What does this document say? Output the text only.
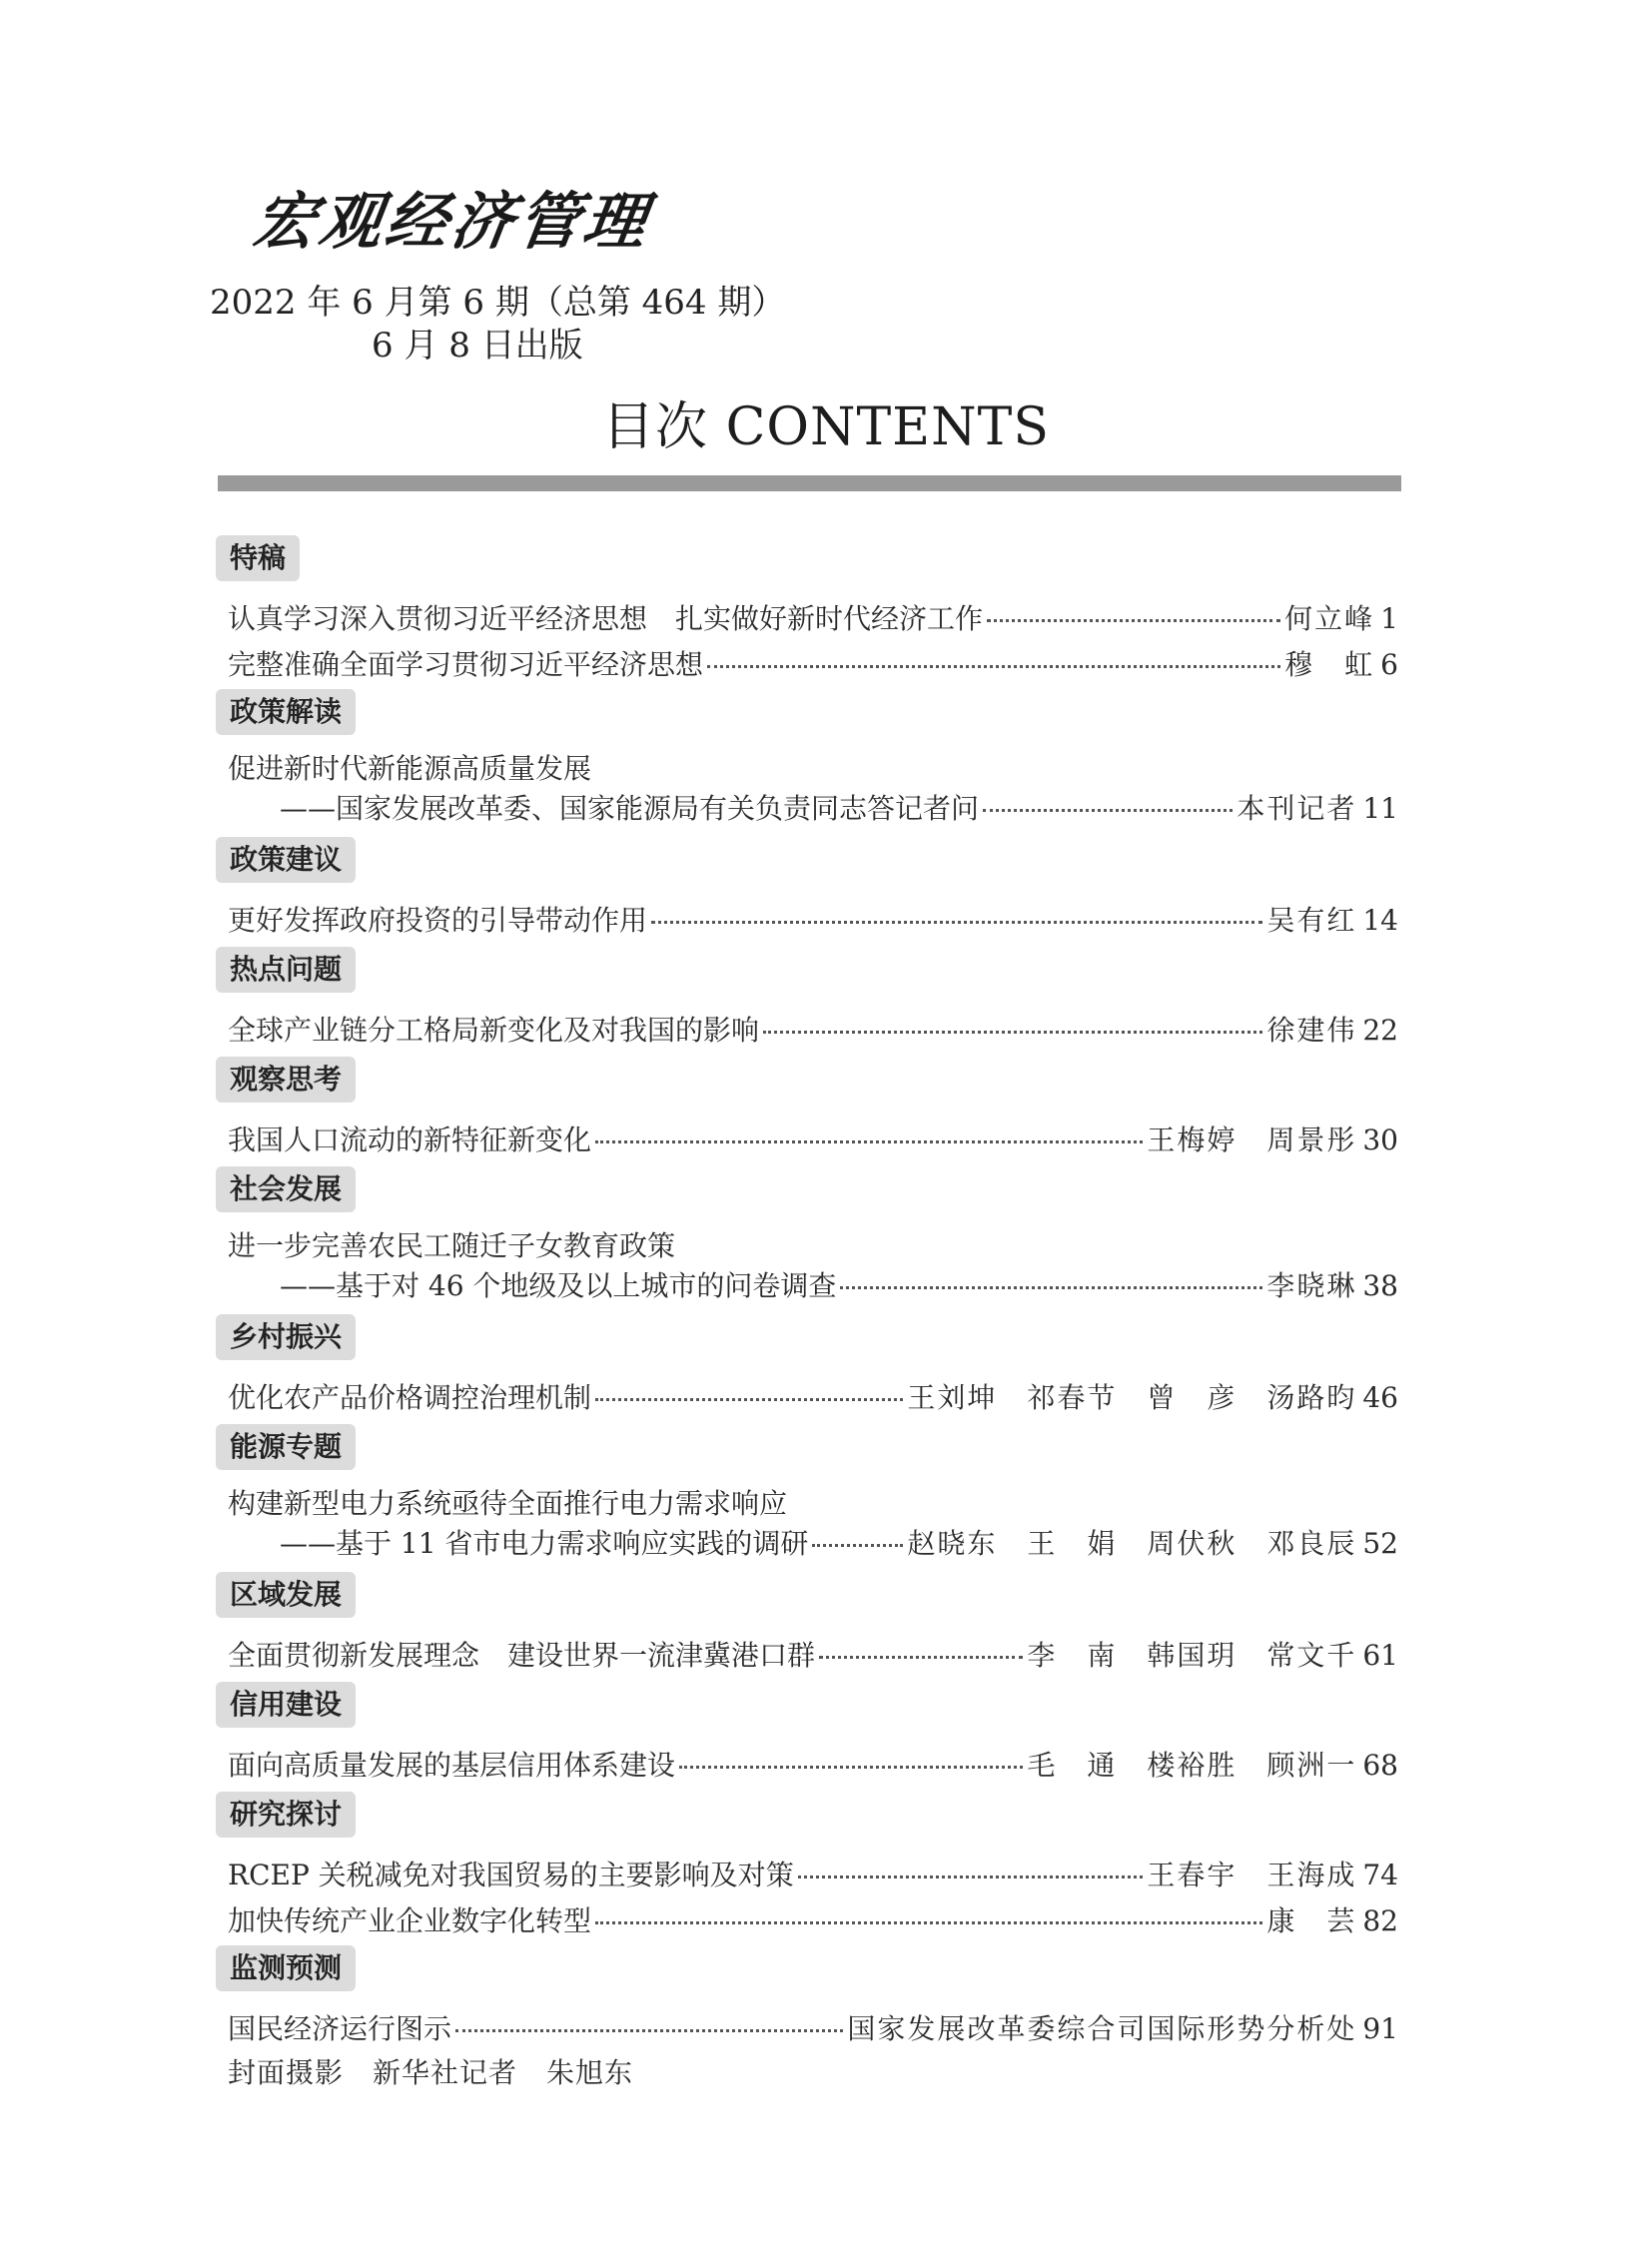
宏观经济管理
2022 年 6 月第 6 期（总第 464 期）
6 月 8 日出版
目次 CONTENTS
特稿
认真学习深入贯彻习近平经济思想　扎实做好新时代经济工作	何立峰 1
完整准确全面学习贯彻习近平经济思想	穆　虹 6
政策解读
促进新时代新能源高质量发展
——国家发展改革委、国家能源局有关负责同志答记者问	本刊记者 11
政策建议
更好发挥政府投资的引导带动作用	吴有红 14
热点问题
全球产业链分工格局新变化及对我国的影响	徐建伟 22
观察思考
我国人口流动的新特征新变化	王梅婷　周景彤 30
社会发展
进一步完善农民工随迁子女教育政策
——基于对 46 个地级及以上城市的问卷调查	李晓琳 38
乡村振兴
优化农产品价格调控治理机制	王刘坤　祁春节　曾　彦　汤路昀 46
能源专题
构建新型电力系统亟待全面推行电力需求响应
——基于 11 省市电力需求响应实践的调研	赵晓东　王　娟　周伏秋　邓良辰 52
区域发展
全面贯彻新发展理念　建设世界一流津冀港口群	李　南　韩国玥　常文千 61
信用建设
面向高质量发展的基层信用体系建设	毛　通　楼裕胜　顾洲一 68
研究探讨
RCEP 关税减免对我国贸易的主要影响及对策	王春宇　王海成 74
加快传统产业企业数字化转型	康　芸 82
监测预测
国民经济运行图示	国家发展改革委综合司国际形势分析处 91
封面摄影　新华社记者　朱旭东
